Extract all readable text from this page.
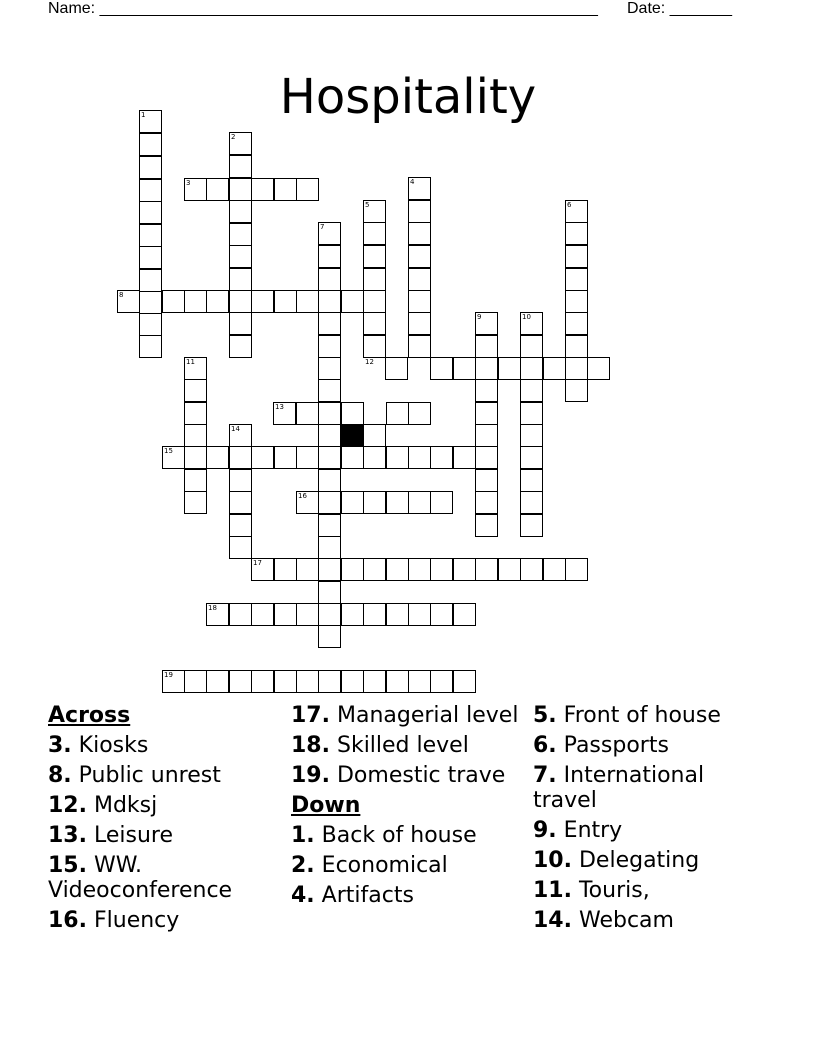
Name: ________________________________________________________ Date: _______
Hospitality
1
2
3	4
5	6
7
8
9	10
11	12
13
14
15
16
17
18
19
Across
3. Kiosks
8. Public unrest
12. Mdksj
13. Leisure
15. WW. Videoconference
16. Fluency
17. Managerial level
18. Skilled level
19. Domestic trave
Down
1. Back of house
2. Economical
4. Artifacts
5. Front of house
6. Passports
7. International travel
9. Entry
10. Delegating
11. Touris,
14. Webcam
